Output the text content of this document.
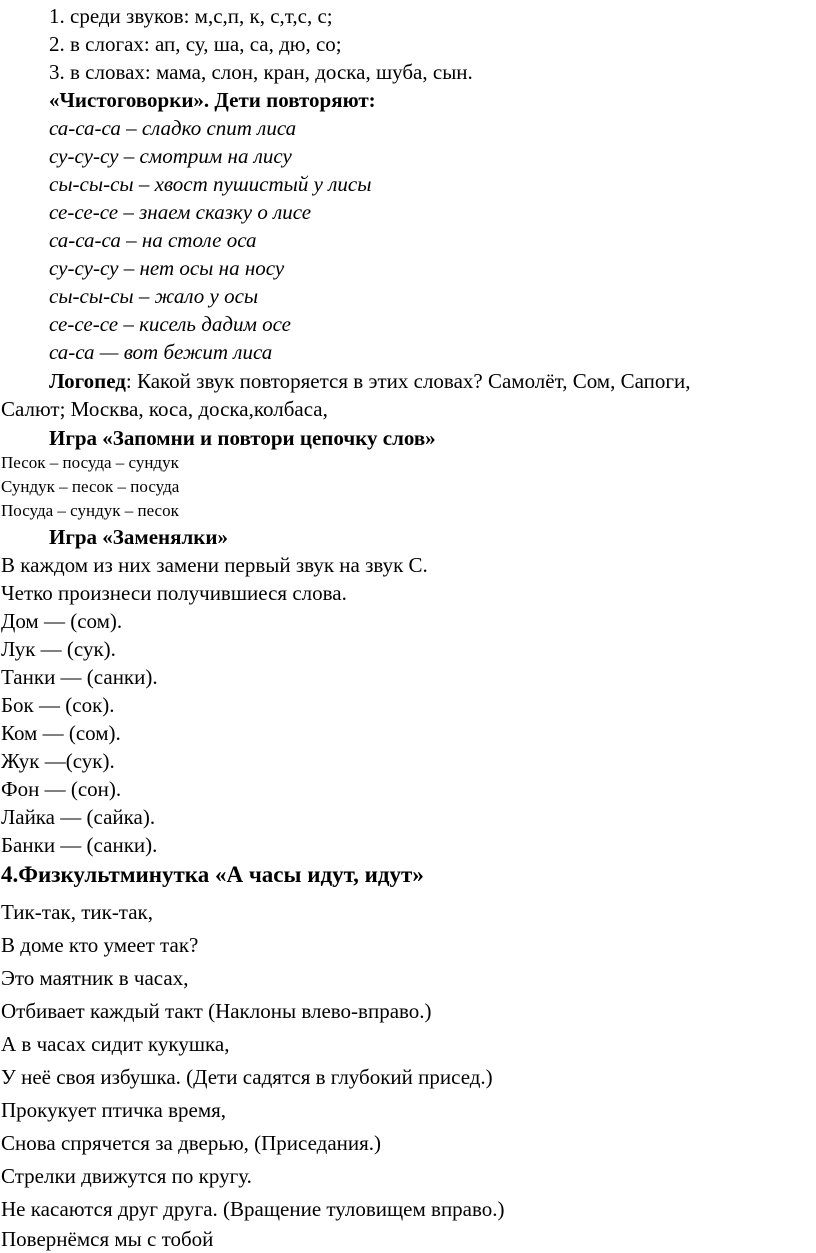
1. среди звуков: м,с,п, к, с,т,с, с;
2. в слогах: ап, су, ша, са, дю, со;
3. в словах: мама, слон, кран, доска, шуба, сын.
«Чистоговорки». Дети повторяют:
са-са-са – сладко спит лиса
су-су-су – смотрим на лису
сы-сы-сы – хвост пушистый у лисы
се-се-се – знаем сказку о лисе
са-са-са – на столе оса
су-су-су – нет осы на носу
сы-сы-сы – жало у осы
се-се-се – кисель дадим осе
са-са — вот бежит лиса
Логопед: Какой звук повторяется в этих словах? Самолёт, Сом, Сапоги,
Салют; Москва, коса, доска,колбаса,
Игра «Запомни и повтори цепочку слов»
Песок – посуда – сундук
Сундук – песок – посуда
Посуда – сундук – песок
Игра «Заменялки»
В каждом из них замени первый звук на звук С.
Четко произнеси получившиеся слова.
Дом — (сом).
Лук — (сук).
Танки — (санки).
Бок — (сок).
Ком — (сом).
Жук —(сук).
Фон — (сон).
Лайка — (сайка).
Банки — (санки).
4.Физкультминутка «А часы идут, идут»
Тик-так, тик-так,
В доме кто умеет так?
Это маятник в часах,
Отбивает каждый такт (Наклоны влево-вправо.)
А в часах сидит кукушка,
У неё своя избушка. (Дети садятся в глубокий присед.)
Прокукует птичка время,
Снова спрячется за дверью, (Приседания.)
Стрелки движутся по кругу.
Не касаются друг друга. (Вращение туловищем вправо.)
Повернёмся мы с тобой
